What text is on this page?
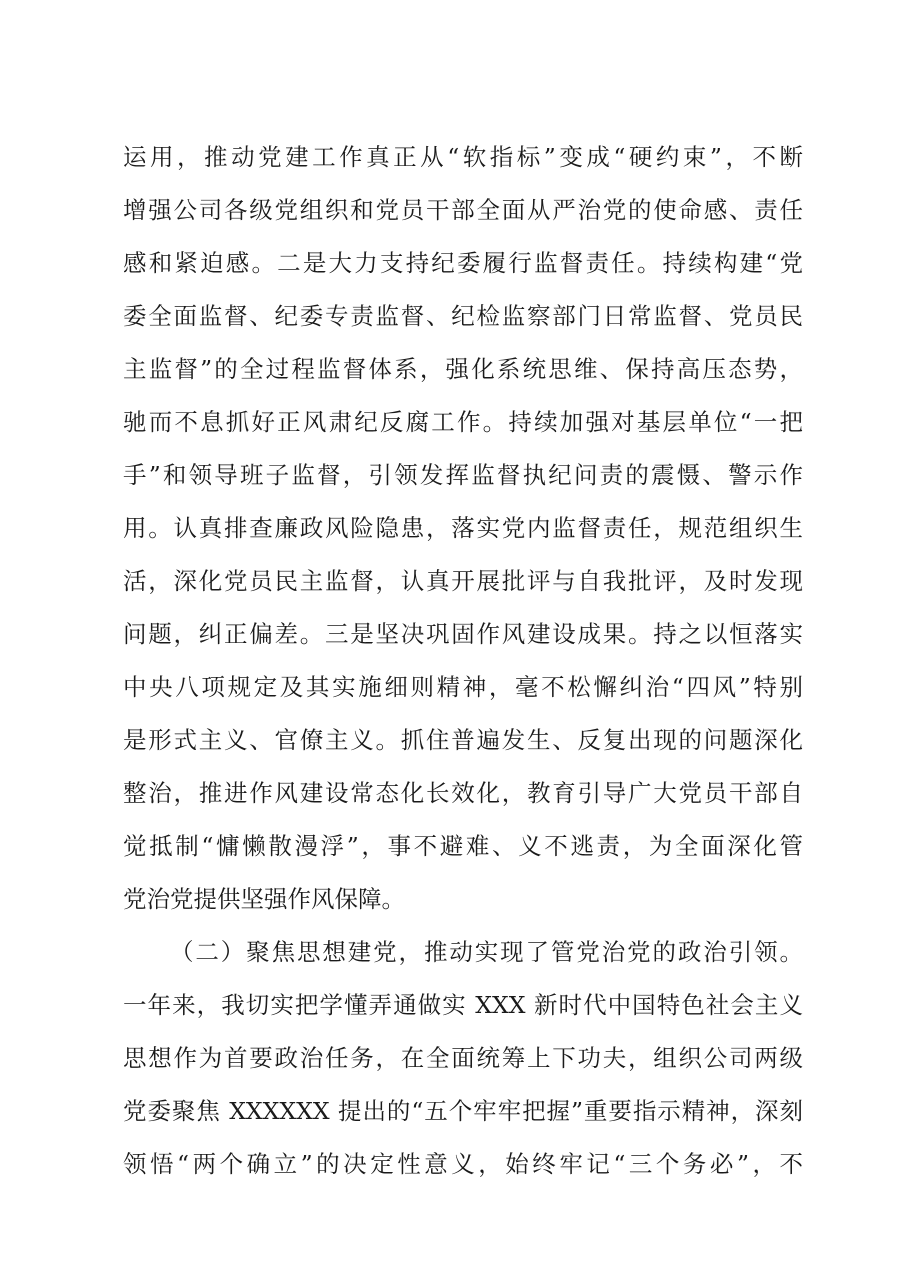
运用，推动党建工作真正从“软指标”变成“硬约束”，不断
增强公司各级党组织和党员干部全面从严治党的使命感、责任
感和紧迫感。二是大力支持纪委履行监督责任。持续构建“党
委全面监督、纪委专责监督、纪检监察部门日常监督、党员民
主监督”的全过程监督体系，强化系统思维、保持高压态势，
驰而不息抓好正风肃纪反腐工作。持续加强对基层单位“一把
手”和领导班子监督，引领发挥监督执纪问责的震慑、警示作
用。认真排查廉政风险隐患，落实党内监督责任，规范组织生
活，深化党员民主监督，认真开展批评与自我批评，及时发现
问题，纠正偏差。三是坚决巩固作风建设成果。持之以恒落实
中央八项规定及其实施细则精神，毫不松懈纠治“四风”特别
是形式主义、官僚主义。抓住普遍发生、反复出现的问题深化
整治，推进作风建设常态化长效化，教育引导广大党员干部自
觉抵制“慵懒散漫浮”，事不避难、义不逃责，为全面深化管
党治党提供坚强作风保障。
（二）聚焦思想建党，推动实现了管党治党的政治引领。
一年来，我切实把学懂弄通做实 XXX 新时代中国特色社会主义
思想作为首要政治任务，在全面统筹上下功夫，组织公司两级
党委聚焦 XXXXXX 提出的“五个牢牢把握”重要指示精神，深刻
领悟“两个确立”的决定性意义，始终牢记“三个务必”，不
